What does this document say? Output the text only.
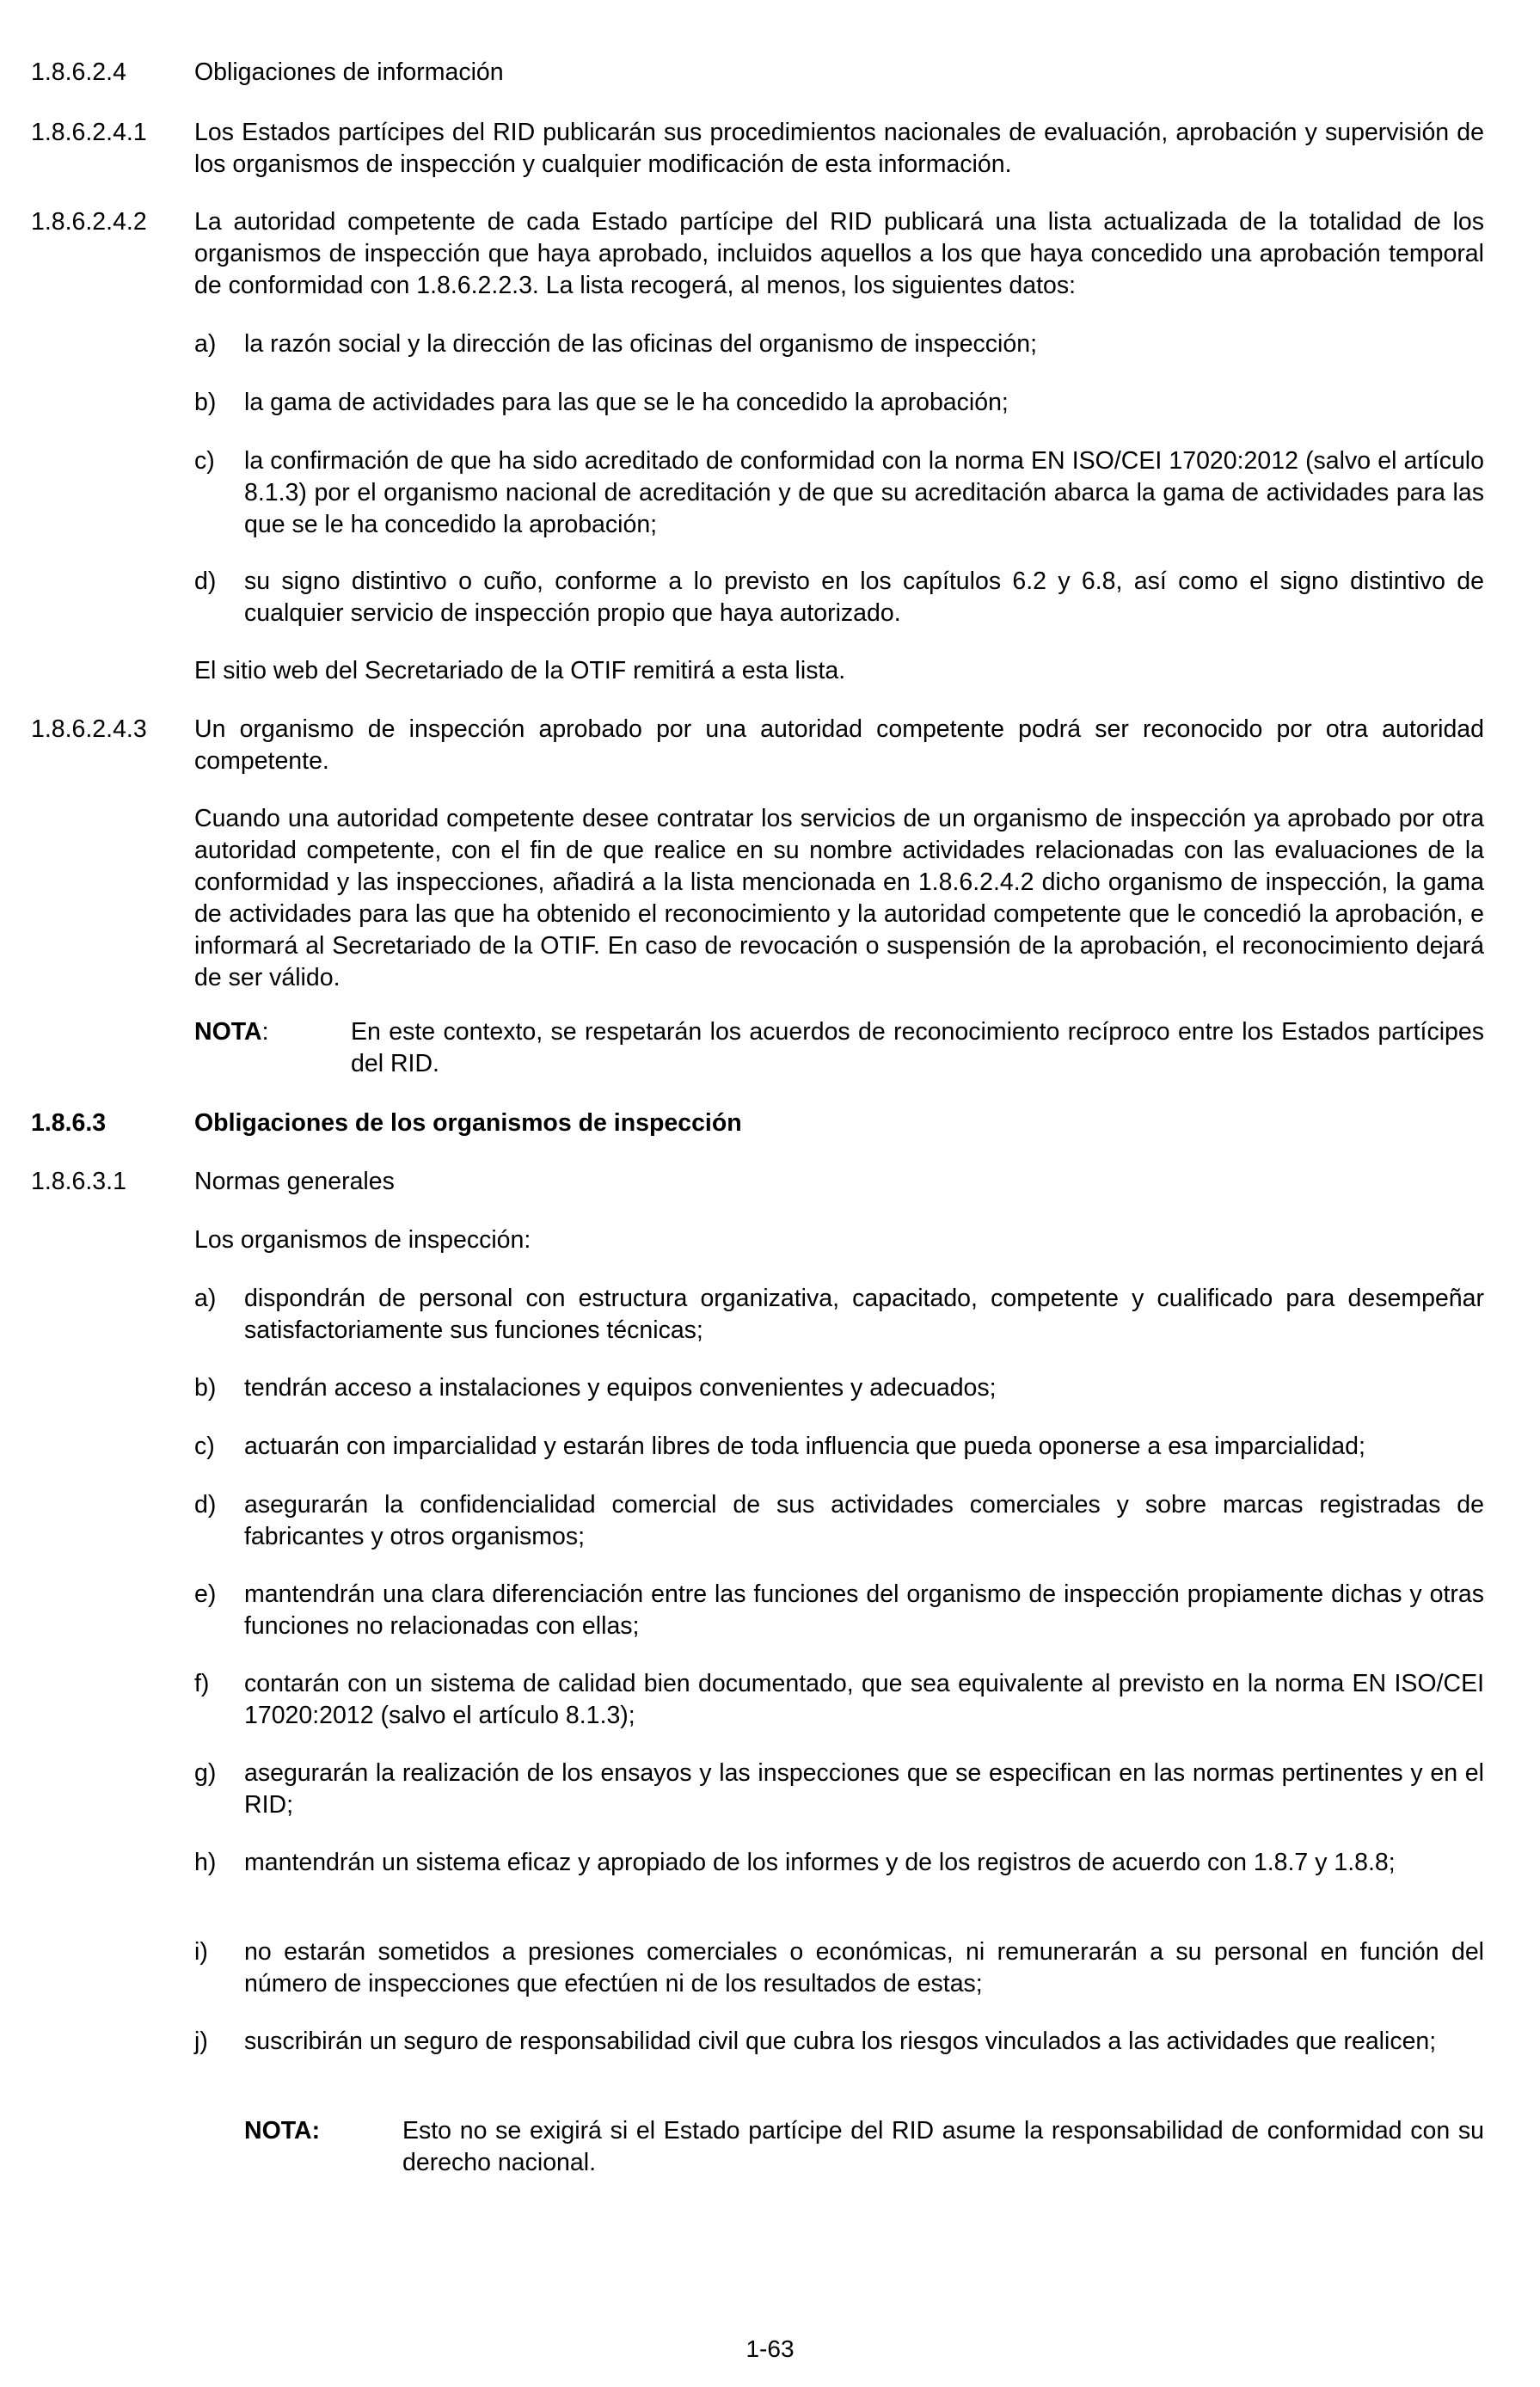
1.8.6.2.4	Obligaciones de información
1.8.6.2.4.1	Los Estados partícipes del RID publicarán sus procedimientos nacionales de evaluación, aprobación y supervisión de los organismos de inspección y cualquier modificación de esta información.
1.8.6.2.4.2	La autoridad competente de cada Estado partícipe del RID publicará una lista actualizada de la totalidad de los organismos de inspección que haya aprobado, incluidos aquellos a los que haya concedido una aprobación temporal de conformidad con 1.8.6.2.2.3. La lista recogerá, al menos, los siguientes datos:
a)	la razón social y la dirección de las oficinas del organismo de inspección;
b)	la gama de actividades para las que se le ha concedido la aprobación;
c)	la confirmación de que ha sido acreditado de conformidad con la norma EN ISO/CEI 17020:2012 (salvo el artículo 8.1.3) por el organismo nacional de acreditación y de que su acreditación abarca la gama de actividades para las que se le ha concedido la aprobación;
d)	su signo distintivo o cuño, conforme a lo previsto en los capítulos 6.2 y 6.8, así como el signo distintivo de cualquier servicio de inspección propio que haya autorizado.
El sitio web del Secretariado de la OTIF remitirá a esta lista.
1.8.6.2.4.3	Un organismo de inspección aprobado por una autoridad competente podrá ser reconocido por otra autoridad competente.
Cuando una autoridad competente desee contratar los servicios de un organismo de inspección ya aprobado por otra autoridad competente, con el fin de que realice en su nombre actividades relacionadas con las evaluaciones de la conformidad y las inspecciones, añadirá a la lista mencionada en 1.8.6.2.4.2 dicho organismo de inspección, la gama de actividades para las que ha obtenido el reconocimiento y la autoridad competente que le concedió la aprobación, e informará al Secretariado de la OTIF. En caso de revocación o suspensión de la aprobación, el reconocimiento dejará de ser válido.
NOTA:	En este contexto, se respetarán los acuerdos de reconocimiento recíproco entre los Estados partícipes del RID.
1.8.6.3	Obligaciones de los organismos de inspección
1.8.6.3.1	Normas generales
Los organismos de inspección:
a)	dispondrán de personal con estructura organizativa, capacitado, competente y cualificado para desempeñar satisfactoriamente sus funciones técnicas;
b)	tendrán acceso a instalaciones y equipos convenientes y adecuados;
c)	actuarán con imparcialidad y estarán libres de toda influencia que pueda oponerse a esa imparcialidad;
d)	asegurarán la confidencialidad comercial de sus actividades comerciales y sobre marcas registradas de fabricantes y otros organismos;
e)	mantendrán una clara diferenciación entre las funciones del organismo de inspección propiamente dichas y otras funciones no relacionadas con ellas;
f)	contarán con un sistema de calidad bien documentado, que sea equivalente al previsto en la norma EN ISO/CEI 17020:2012 (salvo el artículo 8.1.3);
g)	asegurarán la realización de los ensayos y las inspecciones que se especifican en las normas pertinentes y en el RID;
h)	mantendrán un sistema eficaz y apropiado de los informes y de los registros de acuerdo con 1.8.7 y 1.8.8;
i)	no estarán sometidos a presiones comerciales o económicas, ni remunerarán a su personal en función del número de inspecciones que efectúen ni de los resultados de estas;
j)	suscribirán un seguro de responsabilidad civil que cubra los riesgos vinculados a las actividades que realicen;
NOTA:	Esto no se exigirá si el Estado partícipe del RID asume la responsabilidad de conformidad con su derecho nacional.
1-63
